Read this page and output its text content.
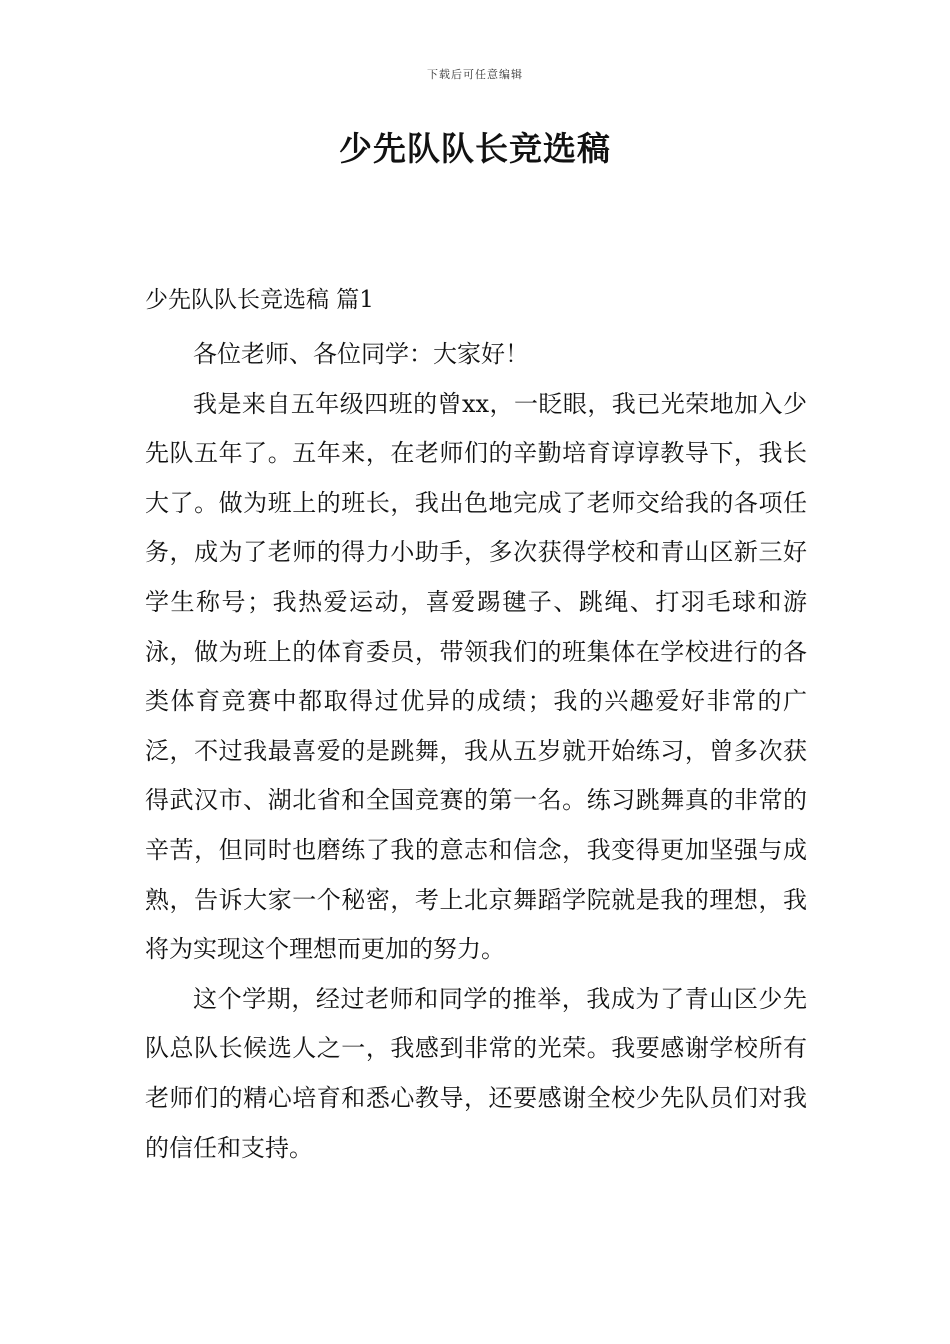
下载后可任意编辑
少先队队长竞选稿
少先队队长竞选稿 篇1

各位老师、各位同学：大家好！

我是来自五年级四班的曾xx，一眨眼，我已光荣地加入少先队五年了。五年来，在老师们的辛勤培育谆谆教导下，我长大了。做为班上的班长，我出色地完成了老师交给我的各项任务，成为了老师的得力小助手，多次获得学校和青山区新三好学生称号；我热爱运动，喜爱踢毽子、跳绳、打羽毛球和游泳，做为班上的体育委员，带领我们的班集体在学校进行的各类体育竞赛中都取得过优异的成绩；我的兴趣爱好非常的广泛，不过我最喜爱的是跳舞，我从五岁就开始练习，曾多次获得武汉市、湖北省和全国竞赛的第一名。练习跳舞真的非常的辛苦，但同时也磨练了我的意志和信念，我变得更加坚强与成熟，告诉大家一个秘密，考上北京舞蹈学院就是我的理想，我将为实现这个理想而更加的努力。

这个学期，经过老师和同学的推举，我成为了青山区少先队总队长候选人之一，我感到非常的光荣。我要感谢学校所有老师们的精心培育和悉心教导，还要感谢全校少先队员们对我的信任和支持。
